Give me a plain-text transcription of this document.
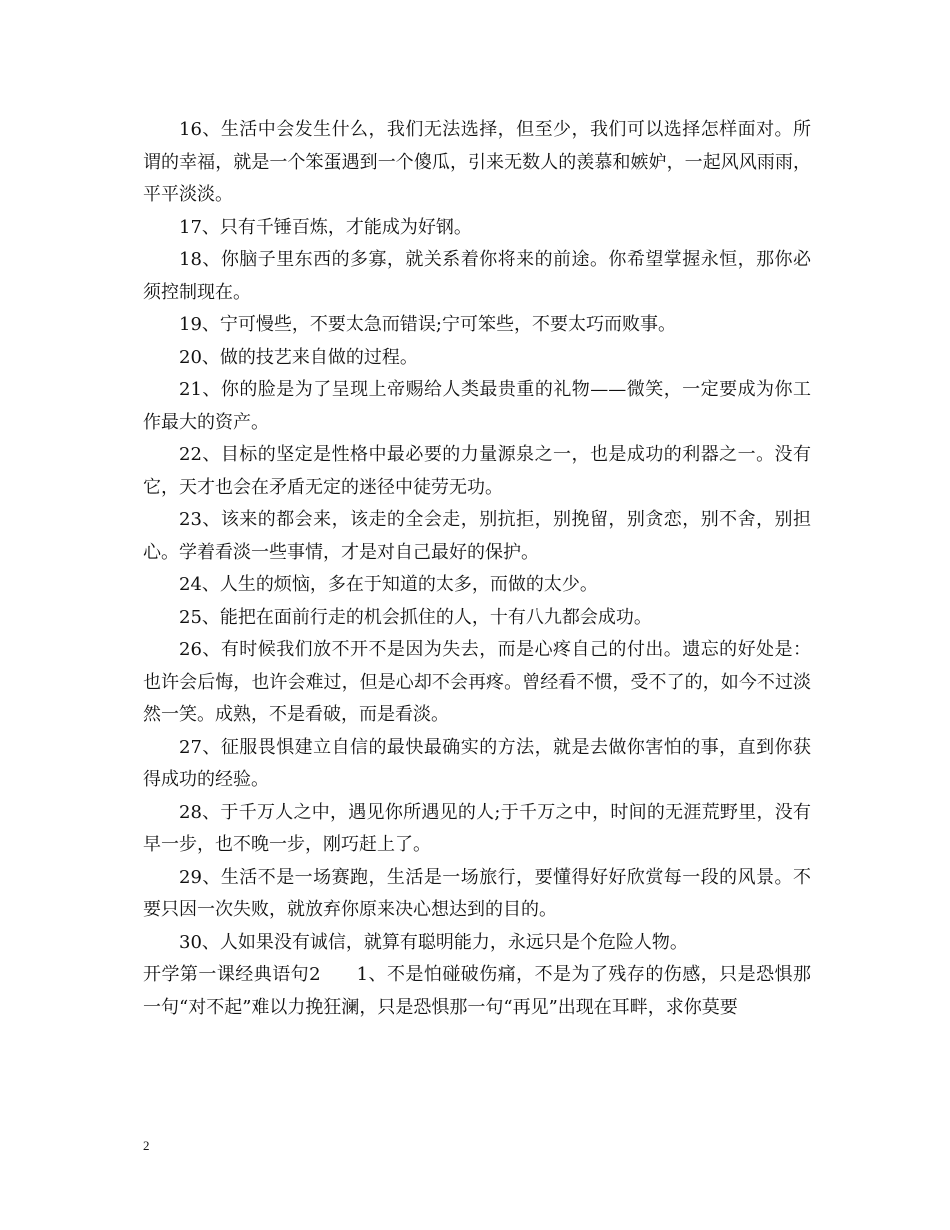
16、生活中会发生什么，我们无法选择，但至少，我们可以选择怎样面对。所谓的幸福，就是一个笨蛋遇到一个傻瓜，引来无数人的羡慕和嫉妒，一起风风雨雨，平平淡淡。

17、只有千锤百炼，才能成为好钢。

18、你脑子里东西的多寡，就关系着你将来的前途。你希望掌握永恒，那你必须控制现在。

19、宁可慢些，不要太急而错误;宁可笨些，不要太巧而败事。

20、做的技艺来自做的过程。

21、你的脸是为了呈现上帝赐给人类最贵重的礼物——微笑，一定要成为你工作最大的资产。

22、目标的坚定是性格中最必要的力量源泉之一，也是成功的利器之一。没有它，天才也会在矛盾无定的迷径中徒劳无功。

23、该来的都会来，该走的全会走，别抗拒，别挽留，别贪恋，别不舍，别担心。学着看淡一些事情，才是对自己最好的保护。

24、人生的烦恼，多在于知道的太多，而做的太少。

25、能把在面前行走的机会抓住的人，十有八九都会成功。

26、有时候我们放不开不是因为失去，而是心疼自己的付出。遗忘的好处是：也许会后悔，也许会难过，但是心却不会再疼。曾经看不惯，受不了的，如今不过淡然一笑。成熟，不是看破，而是看淡。

27、征服畏惧建立自信的最快最确实的方法，就是去做你害怕的事，直到你获得成功的经验。

28、于千万人之中，遇见你所遇见的人;于千万之中，时间的无涯荒野里，没有早一步，也不晚一步，刚巧赶上了。

29、生活不是一场赛跑，生活是一场旅行，要懂得好好欣赏每一段的风景。不要只因一次失败，就放弃你原来决心想达到的目的。

30、人如果没有诚信，就算有聪明能力，永远只是个危险人物。

开学第一课经典语句2 1、不是怕碰破伤痛，不是为了残存的伤感，只是恐惧那一句“对不起”难以力挽狂澜，只是恐惧那一句“再见”出现在耳畔，求你莫要

2
